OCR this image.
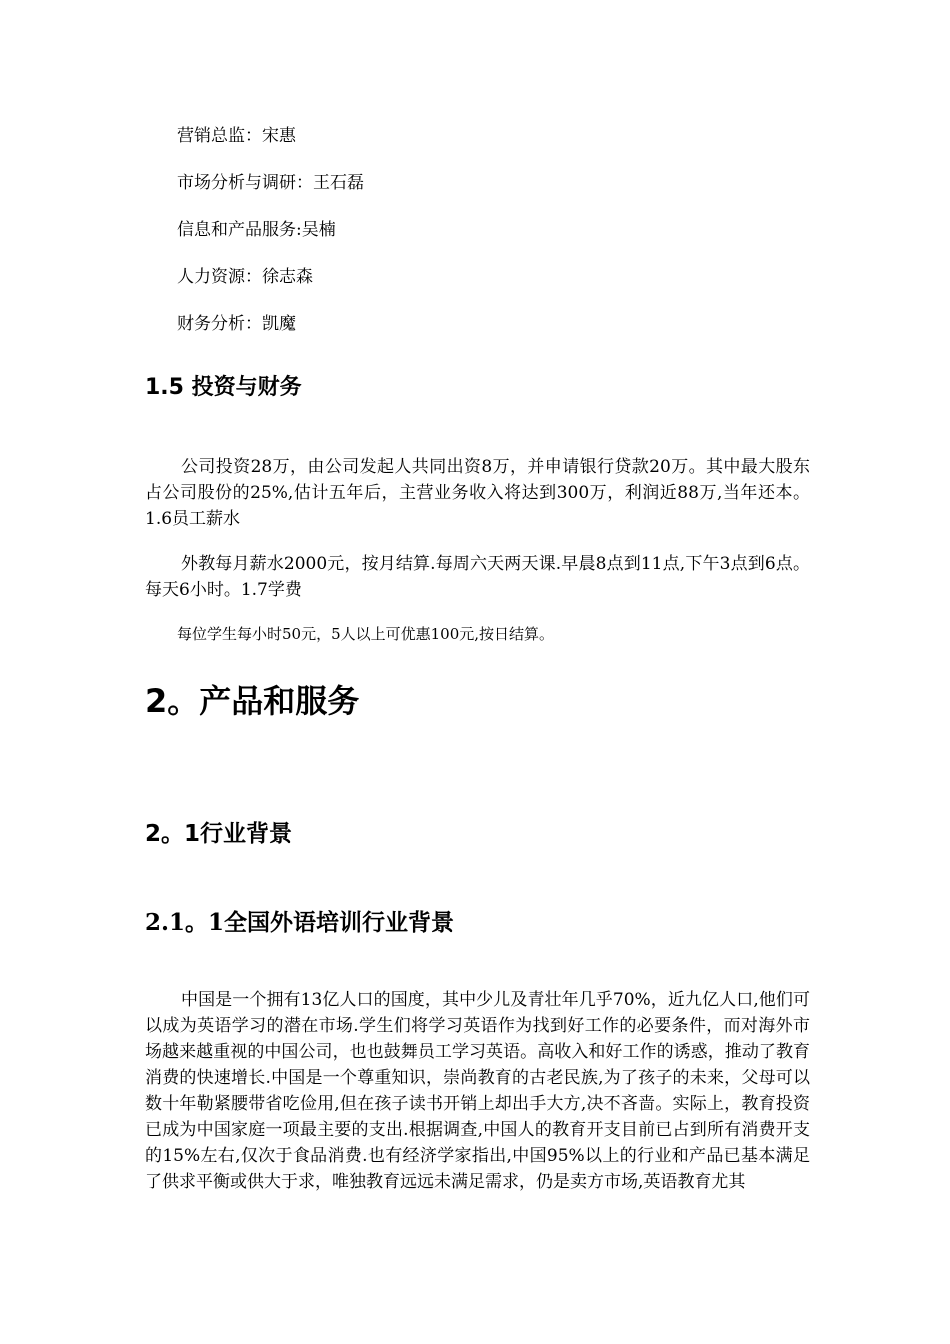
营销总监：宋惠
市场分析与调研：王石磊
信息和产品服务:吴楠
人力资源：徐志森
财务分析：凯魔
1.5 投资与财务
公司投资28万，由公司发起人共同出资8万，并申请银行贷款20万。其中最大股东占公司股份的25%,估计五年后，主营业务收入将达到300万，利润近88万,当年还本。1.6员工薪水
外教每月薪水2000元，按月结算.每周六天两天课.早晨8点到11点,下午3点到6点。每天6小时。1.7学费
每位学生每小时50元，5人以上可优惠100元,按日结算。
2。产品和服务
2。1行业背景
2.1。1全国外语培训行业背景
中国是一个拥有13亿人口的国度，其中少儿及青壮年几乎70%，近九亿人口,他们可以成为英语学习的潜在市场.学生们将学习英语作为找到好工作的必要条件，而对海外市场越来越重视的中国公司，也也鼓舞员工学习英语。高收入和好工作的诱惑，推动了教育消费的快速增长.中国是一个尊重知识，崇尚教育的古老民族,为了孩子的未来，父母可以数十年勒紧腰带省吃俭用,但在孩子读书开销上却出手大方,决不吝啬。实际上，教育投资已成为中国家庭一项最主要的支出.根据调查,中国人的教育开支目前已占到所有消费开支的15%左右,仅次于食品消费.也有经济学家指出,中国95%以上的行业和产品已基本满足了供求平衡或供大于求，唯独教育远远未满足需求，仍是卖方市场,英语教育尤其
